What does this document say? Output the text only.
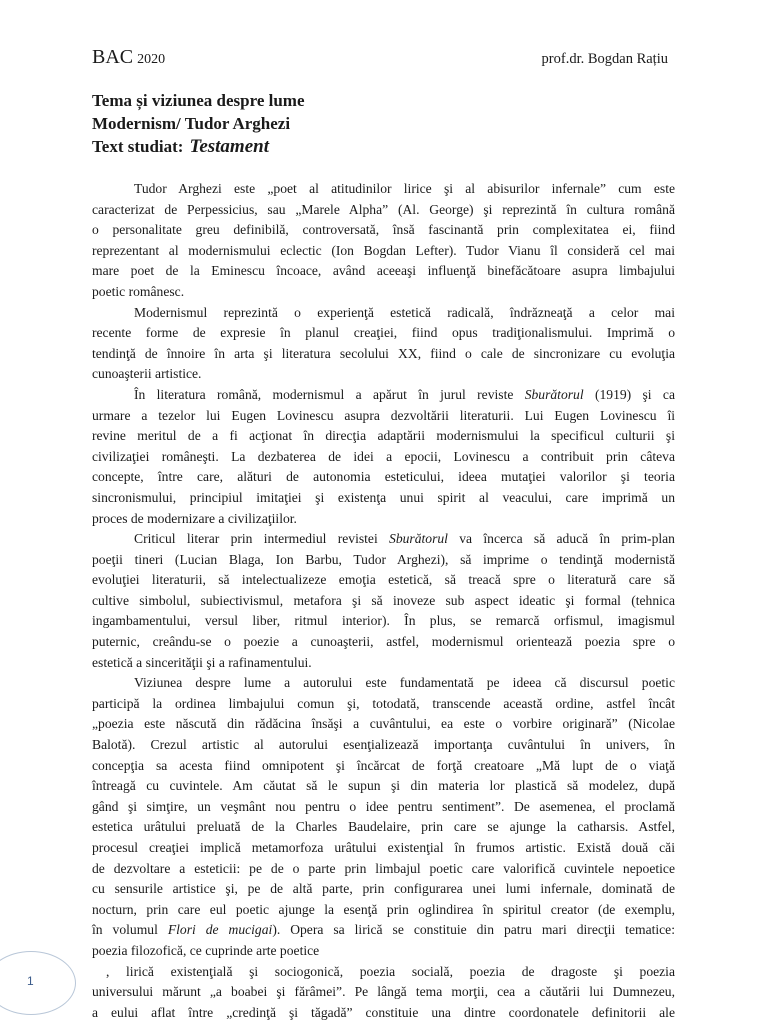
BAC 2020	prof.dr. Bogdan Rațiu
Tema și viziunea despre lume
Modernism/ Tudor Arghezi
Text studiat: Testament
Tudor Arghezi este „poet al atitudinilor lirice şi al abisurilor infernale” cum este
caracterizat de Perpessicius, sau „Marele Alpha” (Al. George) şi reprezintă în cultura română
o personalitate greu definibilă, controversată, însă fascinantă prin complexitatea ei, fiind
reprezentant al modernismului eclectic (Ion Bogdan Lefter). Tudor Vianu îl consideră cel mai
mare poet de la Eminescu încoace, având aceeaşi influenţă binefăcătoare asupra limbajului
poetic românesc.
Modernismul reprezintă o experienţă estetică radicală, îndrăzneaţă a celor mai
recente forme de expresie în planul creaţiei, fiind opus tradiţionalismului. Imprimă o
tendinţă de înnoire în arta şi literatura secolului XX, fiind o cale de sincronizare cu evoluţia
cunoaşterii artistice.
În literatura română, modernismul a apărut în jurul reviste Sburătorul (1919) şi ca
urmare a tezelor lui Eugen Lovinescu asupra dezvoltării literaturii. Lui Eugen Lovinescu îi
revine meritul de a fi acţionat în direcţia adaptării modernismului la specificul culturii şi
civilizaţiei româneşti. La dezbaterea de idei a epocii, Lovinescu a contribuit prin câteva
concepte, între care, alături de autonomia esteticului, ideea mutaţiei valorilor şi teoria
sincronismului, principiul imitaţiei şi existenţa unui spirit al veacului, care imprimă un
proces de modernizare a civilizaţiilor.
Criticul literar prin intermediul revistei Sburătorul va încerca să aducă în prim-plan
poeţii tineri (Lucian Blaga, Ion Barbu, Tudor Arghezi), să imprime o tendinţă modernistă
evoluţiei literaturii, să intelectualizeze emoţia estetică, să treacă spre o literatură care să
cultive simbolul, subiectivismul, metafora şi să inoveze sub aspect ideatic şi formal (tehnica
ingambamentului, versul liber, ritmul interior). În plus, se remarcă orfismul, imagismul
puternic, creându-se o poezie a cunoaşterii, astfel, modernismul orientează poezia spre o
estetică a sincerităţii şi a rafinamentului.
Viziunea despre lume a autorului este fundamentată pe ideea că discursul poetic
participă la ordinea limbajului comun şi, totodată, transcende această ordine, astfel încât
„poezia este născută din rădăcina însăşi a cuvântului, ea este o vorbire originară” (Nicolae
Balotă). Crezul artistic al autorului esenţializează importanţa cuvântului în univers, în
concepţia sa acesta fiind omnipotent şi încărcat de forţă creatoare „Mă lupt de o viaţă
întreagă cu cuvintele. Am căutat să le supun şi din materia lor plastică să modelez, după
gând şi simţire, un veşmânt nou pentru o idee pentru sentiment”. De asemenea, el proclamă
estetica urâtului preluată de la Charles Baudelaire, prin care se ajunge la catharsis. Astfel,
procesul creaţiei implică metamorfoza urâtului existenţial în frumos artistic. Există două căi
de dezvoltare a esteticii: pe de o parte prin limbajul poetic care valorifică cuvintele nepoetice
cu sensurile artistice şi, pe de altă parte, prin configurarea unei lumi infernale, dominată de
nocturn, prin care eul poetic ajunge la esenţă prin oglindirea în spiritul creator (de exemplu,
în volumul Flori de mucigai). Opera sa lirică se constituie din patru mari direcţii tematice:
poezia filozofică, ce cuprinde arte poetice
, lirică existenţială şi sociogonică, poezia socială, poezia de dragoste şi poezia
universului mărunt „a boabei şi fărâmei”. Pe lângă tema morţii, cea a căutării lui Dumnezeu,
a eului aflat între „credinţă şi tăgadă” constituie una dintre coordonatele definitorii ale
1
